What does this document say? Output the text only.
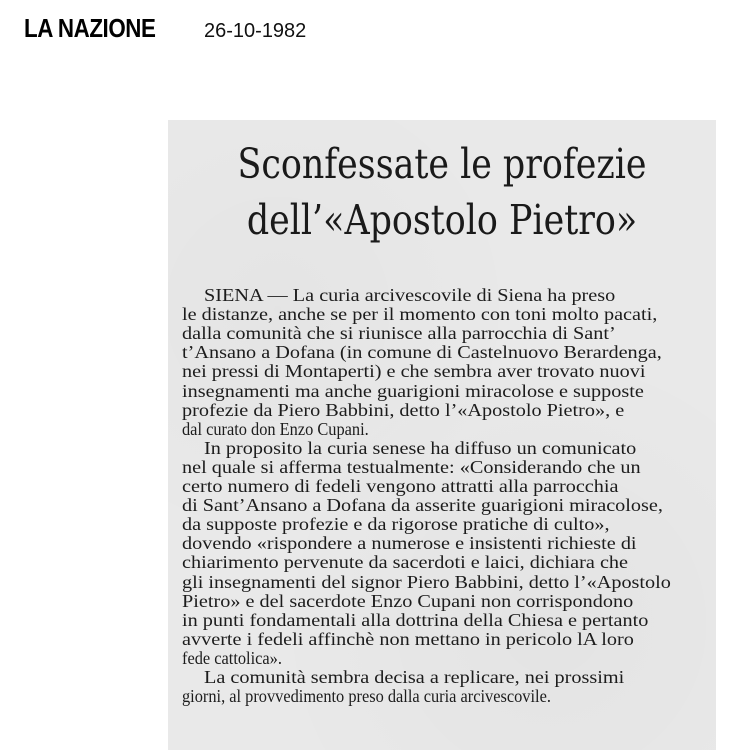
LA NAZIONE	26-10-1982
Sconfessate le profezie
dell’«Apostolo Pietro»
SIENA — La curia arcivescovile di Siena ha preso
le distanze, anche se per il momento con toni molto pacati,
dalla comunità che si riunisce alla parrocchia di Sant’
t’Ansano a Dofana (in comune di Castelnuovo Berardenga,
nei pressi di Montaperti) e che sembra aver trovato nuovi
insegnamenti ma anche guarigioni miracolose e supposte
profezie da Piero Babbini, detto l’«Apostolo Pietro», e
dal curato don Enzo Cupani.
In proposito la curia senese ha diffuso un comunicato
nel quale si afferma testualmente: «Considerando che un
certo numero di fedeli vengono attratti alla parrocchia
di Sant’Ansano a Dofana da asserite guarigioni miracolose,
da supposte profezie e da rigorose pratiche di culto»,
dovendo «rispondere a numerose e insistenti richieste di
chiarimento pervenute da sacerdoti e laici, dichiara che
gli insegnamenti del signor Piero Babbini, detto l’«Apostolo
Pietro» e del sacerdote Enzo Cupani non corrispondono
in punti fondamentali alla dottrina della Chiesa e pertanto
avverte i fedeli affinchè non mettano in pericolo lA loro
fede cattolica».
La comunità sembra decisa a replicare, nei prossimi
giorni, al provvedimento preso dalla curia arcivescovile.
